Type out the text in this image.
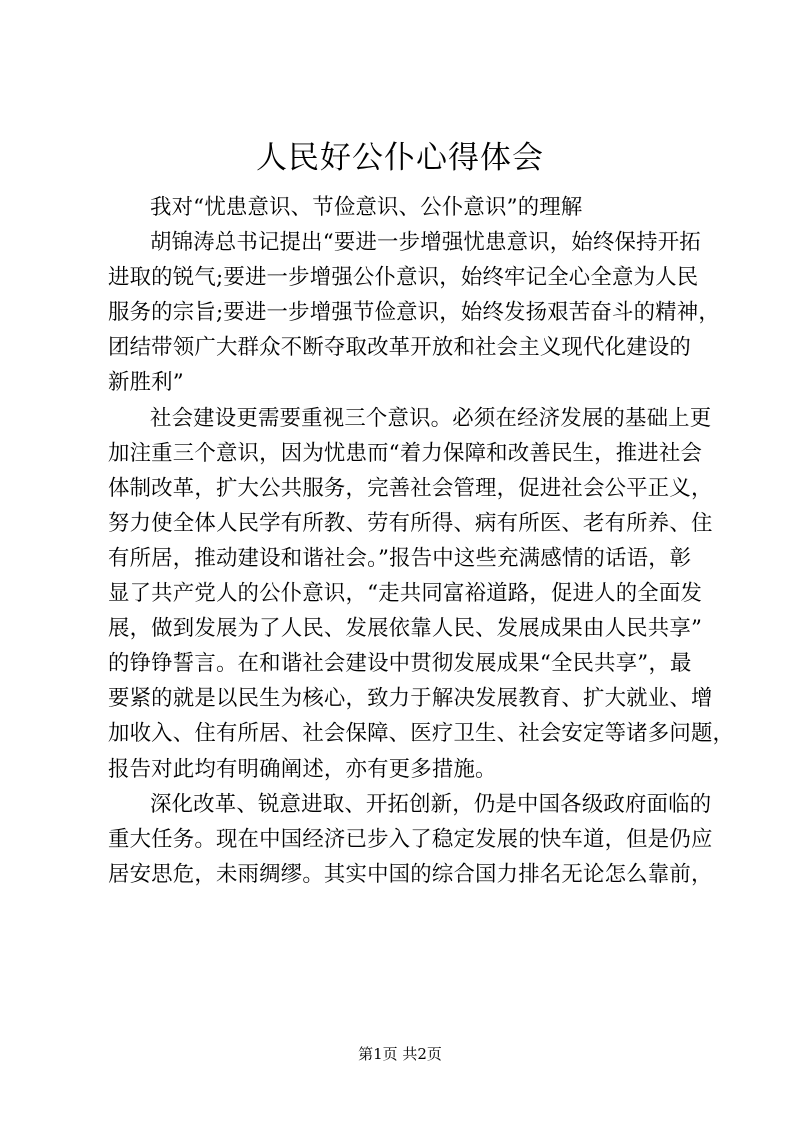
人民好公仆心得体会
我对“忧患意识、节俭意识、公仆意识”的理解
胡锦涛总书记提出“要进一步增强忧患意识，始终保持开拓
进取的锐气;要进一步增强公仆意识，始终牢记全心全意为人民
服务的宗旨;要进一步增强节俭意识，始终发扬艰苦奋斗的精神，
团结带领广大群众不断夺取改革开放和社会主义现代化建设的
新胜利”
社会建设更需要重视三个意识。必须在经济发展的基础上更
加注重三个意识，因为忧患而“着力保障和改善民生，推进社会
体制改革，扩大公共服务，完善社会管理，促进社会公平正义，
努力使全体人民学有所教、劳有所得、病有所医、老有所养、住
有所居，推动建设和谐社会。”报告中这些充满感情的话语，彰
显了共产党人的公仆意识，“走共同富裕道路，促进人的全面发
展，做到发展为了人民、发展依靠人民、发展成果由人民共享”
的铮铮誓言。在和谐社会建设中贯彻发展成果“全民共享”，最
要紧的就是以民生为核心，致力于解决发展教育、扩大就业、增
加收入、住有所居、社会保障、医疗卫生、社会安定等诸多问题，
报告对此均有明确阐述，亦有更多措施。
深化改革、锐意进取、开拓创新，仍是中国各级政府面临的
重大任务。现在中国经济已步入了稳定发展的快车道，但是仍应
居安思危，未雨绸缪。其实中国的综合国力排名无论怎么靠前，
第1页 共2页
